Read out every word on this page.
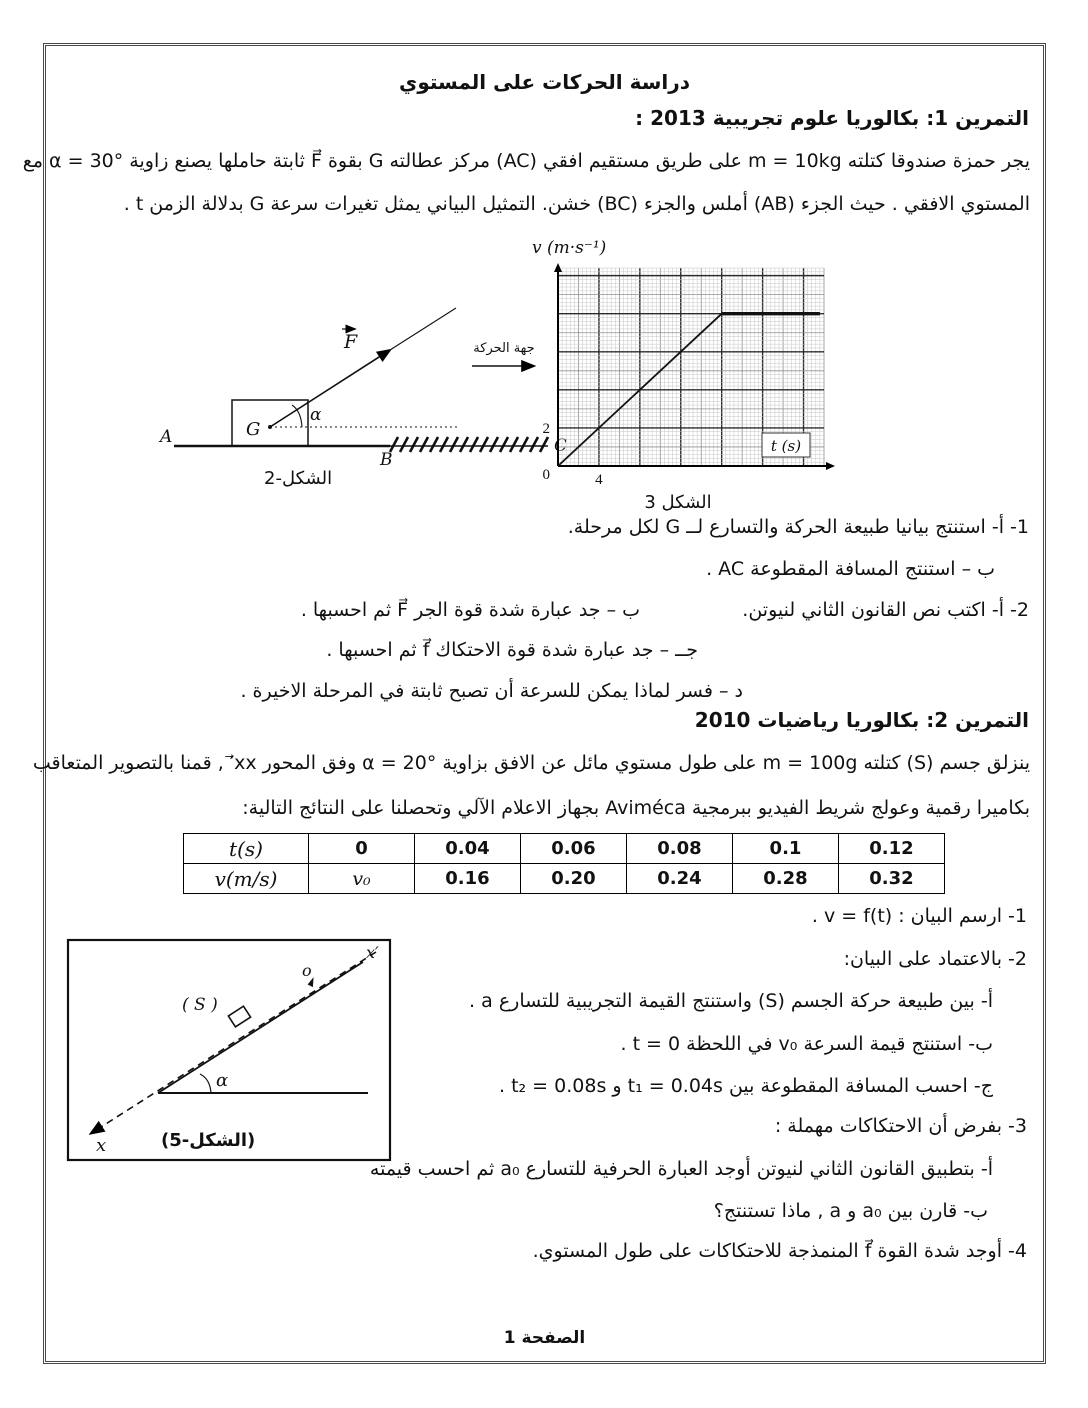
دراسة الحركات على المستوي
التمرين 1: بكالوريا علوم تجريبية 2013 :
يجر حمزة صندوقا كتلته m = 10kg على طريق مستقيم افقي (AC) مركز عطالته G بقوة F⃗ ثابتة حاملها يصنع زاوية α = 30° مع
المستوي الافقي . حيث الجزء (AB) أملس والجزء (BC) خشن. التمثيل البياني يمثل تغيرات سرعة G بدلالة الزمن t .
F
α
A
B
C
G
جهة الحركة
الشكل-2
v (m·s⁻¹)
4
2
0
t (s)
الشكل 3
1- أ- استنتج بيانيا طبيعة الحركة والتسارع لــ G لكل مرحلة.
ب – استنتج المسافة المقطوعة AC .
2- أ- اكتب نص القانون الثاني لنيوتن.
ب – جد عبارة شدة قوة الجر F⃗ ثم احسبها .
جــ – جد عبارة شدة قوة الاحتكاك f⃗ ثم احسبها .
د – فسر لماذا يمكن للسرعة أن تصبح ثابتة في المرحلة الاخيرة .
التمرين 2: بكالوريا رياضيات 2010
ينزلق جسم (S) كتلته m = 100g على طول مستوي مائل عن الافق بزاوية α = 20° وفق المحور xx′⃗ , قمنا بالتصوير المتعاقب
بكاميرا رقمية وعولج شريط الفيديو ببرمجية Aviméca بجهاز الاعلام الآلي وتحصلنا على النتائج التالية:
t(s)	0	0.04	0.06	0.08	0.1	0.12
v(m/s)	v₀	0.16	0.20	0.24	0.28	0.32
( S )
o
α
x
x′
(الشكل-5)
1- ارسم البيان : v = f(t) .
2- بالاعتماد على البيان:
أ- بين طبيعة حركة الجسم (S) واستنتج القيمة التجريبية للتسارع a .
ب- استنتج قيمة السرعة v₀ في اللحظة t = 0 .
ج- احسب المسافة المقطوعة بين t₁ = 0.04s و t₂ = 0.08s .
3- بفرض أن الاحتكاكات مهملة :
أ- بتطبيق القانون الثاني لنيوتن أوجد العبارة الحرفية للتسارع a₀ ثم احسب قيمته
ب- قارن بين a₀ و a , ماذا تستنتج؟
4- أوجد شدة القوة f⃗ المنمذجة للاحتكاكات على طول المستوي.
الصفحة 1
